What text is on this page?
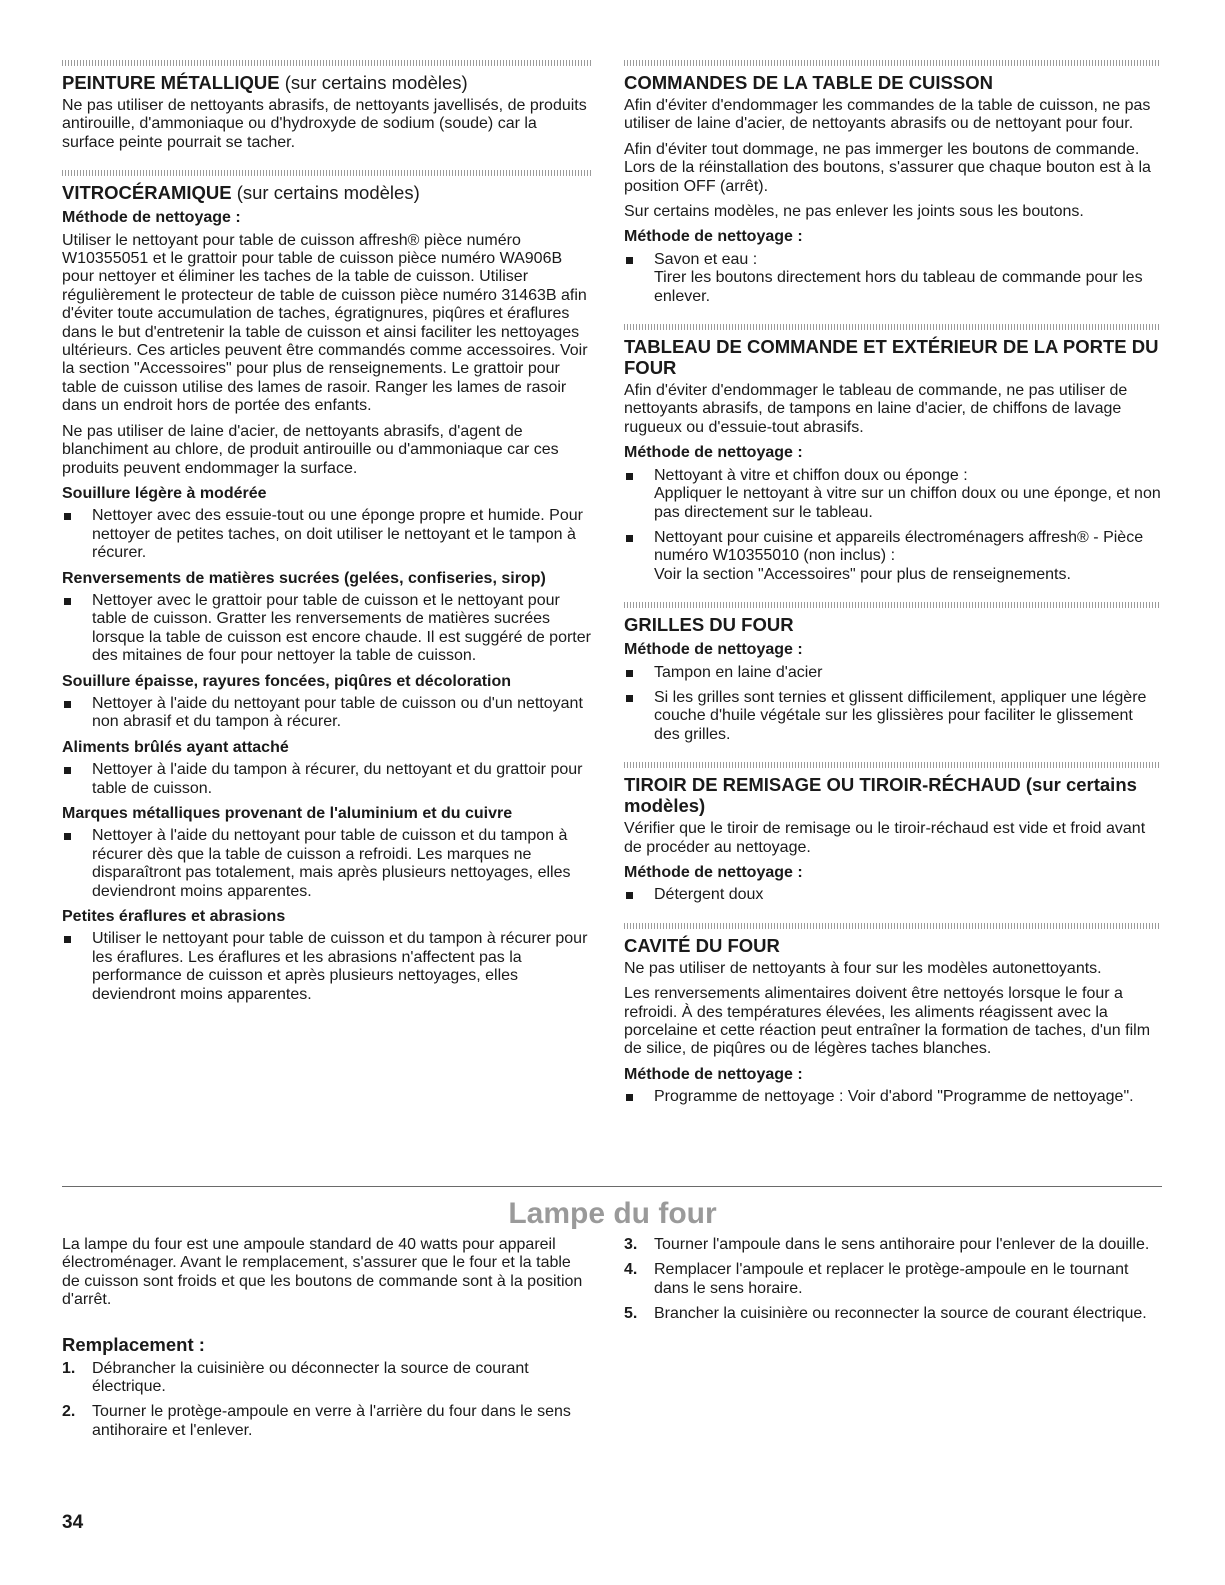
PEINTURE MÉTALLIQUE (sur certains modèles)

Ne pas utiliser de nettoyants abrasifs, de nettoyants javellisés, de produits antirouille, d'ammoniaque ou d'hydroxyde de sodium (soude) car la surface peinte pourrait se tacher.

VITROCÉRAMIQUE (sur certains modèles)
Méthode de nettoyage :

Utiliser le nettoyant pour table de cuisson affresh® pièce numéro W10355051 et le grattoir pour table de cuisson pièce numéro WA906B pour nettoyer et éliminer les taches de la table de cuisson. Utiliser régulièrement le protecteur de table de cuisson pièce numéro 31463B afin d'éviter toute accumulation de taches, égratignures, piqûres et éraflures dans le but d'entretenir la table de cuisson et ainsi faciliter les nettoyages ultérieurs. Ces articles peuvent être commandés comme accessoires. Voir la section "Accessoires" pour plus de renseignements. Le grattoir pour table de cuisson utilise des lames de rasoir. Ranger les lames de rasoir dans un endroit hors de portée des enfants.

Ne pas utiliser de laine d'acier, de nettoyants abrasifs, d'agent de blanchiment au chlore, de produit antirouille ou d'ammoniaque car ces produits peuvent endommager la surface.

Souillure légère à modérée
Nettoyer avec des essuie-tout ou une éponge propre et humide. Pour nettoyer de petites taches, on doit utiliser le nettoyant et le tampon à récurer.
Renversements de matières sucrées (gelées, confiseries, sirop)
Nettoyer avec le grattoir pour table de cuisson et le nettoyant pour table de cuisson. Gratter les renversements de matières sucrées lorsque la table de cuisson est encore chaude. Il est suggéré de porter des mitaines de four pour nettoyer la table de cuisson.
Souillure épaisse, rayures foncées, piqûres et décoloration
Nettoyer à l'aide du nettoyant pour table de cuisson ou d'un nettoyant non abrasif et du tampon à récurer.
Aliments brûlés ayant attaché
Nettoyer à l'aide du tampon à récurer, du nettoyant et du grattoir pour table de cuisson.
Marques métalliques provenant de l'aluminium et du cuivre
Nettoyer à l'aide du nettoyant pour table de cuisson et du tampon à récurer dès que la table de cuisson a refroidi. Les marques ne disparaîtront pas totalement, mais après plusieurs nettoyages, elles deviendront moins apparentes.
Petites éraflures et abrasions
Utiliser le nettoyant pour table de cuisson et du tampon à récurer pour les éraflures. Les éraflures et les abrasions n'affectent pas la performance de cuisson et après plusieurs nettoyages, elles deviendront moins apparentes.
COMMANDES DE LA TABLE DE CUISSON

Afin d'éviter d'endommager les commandes de la table de cuisson, ne pas utiliser de laine d'acier, de nettoyants abrasifs ou de nettoyant pour four.

Afin d'éviter tout dommage, ne pas immerger les boutons de commande. Lors de la réinstallation des boutons, s'assurer que chaque bouton est à la position OFF (arrêt).

Sur certains modèles, ne pas enlever les joints sous les boutons.

Méthode de nettoyage :
Savon et eau :
Tirer les boutons directement hors du tableau de commande pour les enlever.
TABLEAU DE COMMANDE ET EXTÉRIEUR DE LA PORTE DU FOUR

Afin d'éviter d'endommager le tableau de commande, ne pas utiliser de nettoyants abrasifs, de tampons en laine d'acier, de chiffons de lavage rugueux ou d'essuie-tout abrasifs.

Méthode de nettoyage :
Nettoyant à vitre et chiffon doux ou éponge :
Appliquer le nettoyant à vitre sur un chiffon doux ou une éponge, et non pas directement sur le tableau.
Nettoyant pour cuisine et appareils électroménagers affresh® - Pièce numéro W10355010 (non inclus) :
Voir la section "Accessoires" pour plus de renseignements.
GRILLES DU FOUR
Méthode de nettoyage :
Tampon en laine d'acier
Si les grilles sont ternies et glissent difficilement, appliquer une légère couche d'huile végétale sur les glissières pour faciliter le glissement des grilles.
TIROIR DE REMISAGE OU TIROIR-RÉCHAUD (sur certains modèles)

Vérifier que le tiroir de remisage ou le tiroir-réchaud est vide et froid avant de procéder au nettoyage.

Méthode de nettoyage :
Détergent doux
CAVITÉ DU FOUR

Ne pas utiliser de nettoyants à four sur les modèles autonettoyants.

Les renversements alimentaires doivent être nettoyés lorsque le four a refroidi. À des températures élevées, les aliments réagissent avec la porcelaine et cette réaction peut entraîner la formation de taches, d'un film de silice, de piqûres ou de légères taches blanches.

Méthode de nettoyage :
Programme de nettoyage : Voir d'abord "Programme de nettoyage".
Lampe du four

La lampe du four est une ampoule standard de 40 watts pour appareil électroménager. Avant le remplacement, s'assurer que le four et la table de cuisson sont froids et que les boutons de commande sont à la position d'arrêt.

Remplacement :
1. Débrancher la cuisinière ou déconnecter la source de courant électrique.
2. Tourner le protège-ampoule en verre à l'arrière du four dans le sens antihoraire et l'enlever.
3. Tourner l'ampoule dans le sens antihoraire pour l'enlever de la douille.
4. Remplacer l'ampoule et replacer le protège-ampoule en le tournant dans le sens horaire.
5. Brancher la cuisinière ou reconnecter la source de courant électrique.
34
